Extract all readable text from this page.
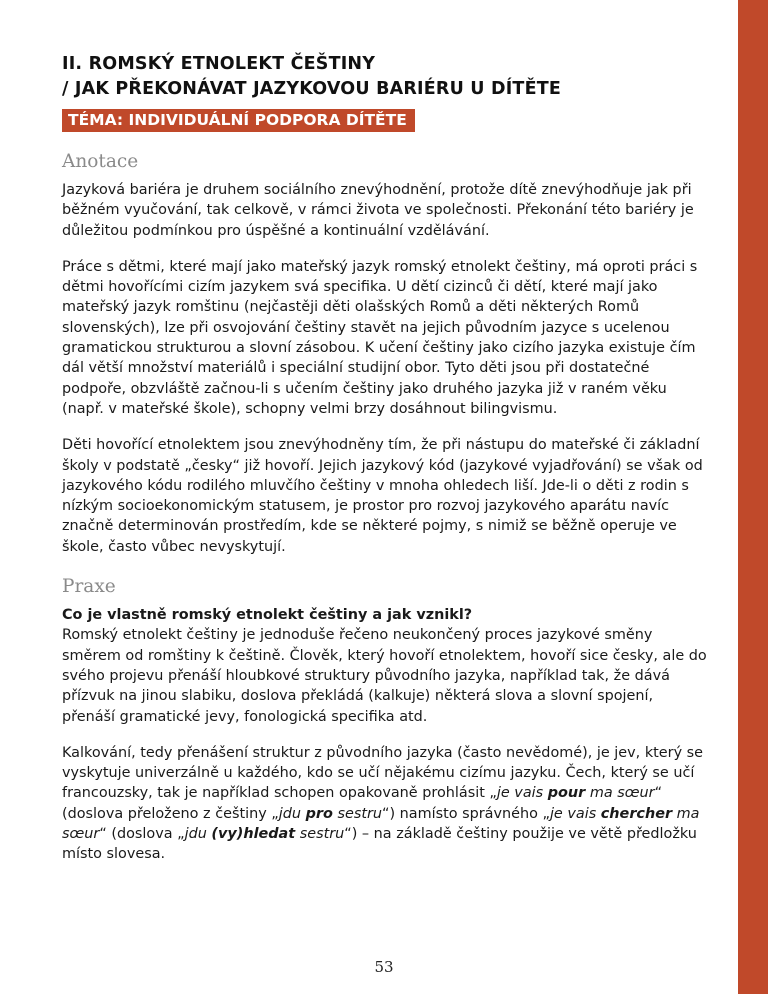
II. ROMSKÝ ETNOLEKT ČEŠTINY
/ JAK PŘEKONÁVAT JAZYKOVOU BARIÉRU U DÍTĚTE
TÉMA: INDIVIDUÁLNÍ PODPORA DÍTĚTE
Anotace

Jazyková bariéra je druhem sociálního znevýhodnění, protože dítě znevýhodňuje jak při běžném vyučování, tak celkově, v rámci života ve společnosti. Překonání této bariéry je důležitou podmínkou pro úspěšné a kontinuální vzdělávání.

Práce s dětmi, které mají jako mateřský jazyk romský etnolekt češtiny, má oproti práci s dětmi hovořícími cizím jazykem svá specifika. U dětí cizinců či dětí, které mají jako mateřský jazyk romštinu (nejčastěji děti olašských Romů a děti některých Romů slovenských), lze při osvojování češtiny stavět na jejich původním jazyce s ucelenou gramatickou strukturou a slovní zásobou. K učení češtiny jako cizího jazyka existuje čím dál větší množství materiálů i speciální studijní obor. Tyto děti jsou při dostatečné podpoře, obzvláště začnou-li s učením češtiny jako druhého jazyka již v raném věku (např. v mateřské škole), schopny velmi brzy dosáhnout bilingvismu.

Děti hovořící etnolektem jsou znevýhodněny tím, že při nástupu do mateřské či základní školy v podstatě „česky“ již hovoří. Jejich jazykový kód (jazykové vyjadřování) se však od jazykového kódu rodilého mluvčího češtiny v mnoha ohledech liší. Jde-li o děti z rodin s nízkým socioekonomickým statusem, je prostor pro rozvoj jazykového aparátu navíc značně determinován prostředím, kde se některé pojmy, s nimiž se běžně operuje ve škole, často vůbec nevyskytují.

Praxe

Co je vlastně romský etnolekt češtiny a jak vznikl?
Romský etnolekt češtiny je jednoduše řečeno neukončený proces jazykové směny směrem od romštiny k češtině. Člověk, který hovoří etnolektem, hovoří sice česky, ale do svého projevu přenáší hloubkové struktury původního jazyka, například tak, že dává přízvuk na jinou slabiku, doslova překládá (kalkuje) některá slova a slovní spojení, přenáší gramatické jevy, fonologická specifika atd.

Kalkování, tedy přenášení struktur z původního jazyka (často nevědomé), je jev, který se vyskytuje univerzálně u každého, kdo se učí nějakému cizímu jazyku. Čech, který se učí francouzsky, tak je například schopen opakovaně prohlásit „je vais pour ma sœur“ (doslova přeloženo z češtiny „jdu pro sestru“) namísto správného „je vais chercher ma sœur“ (doslova „jdu (vy)hledat sestru“) – na základě češtiny použije ve větě předložku místo slovesa.

53
